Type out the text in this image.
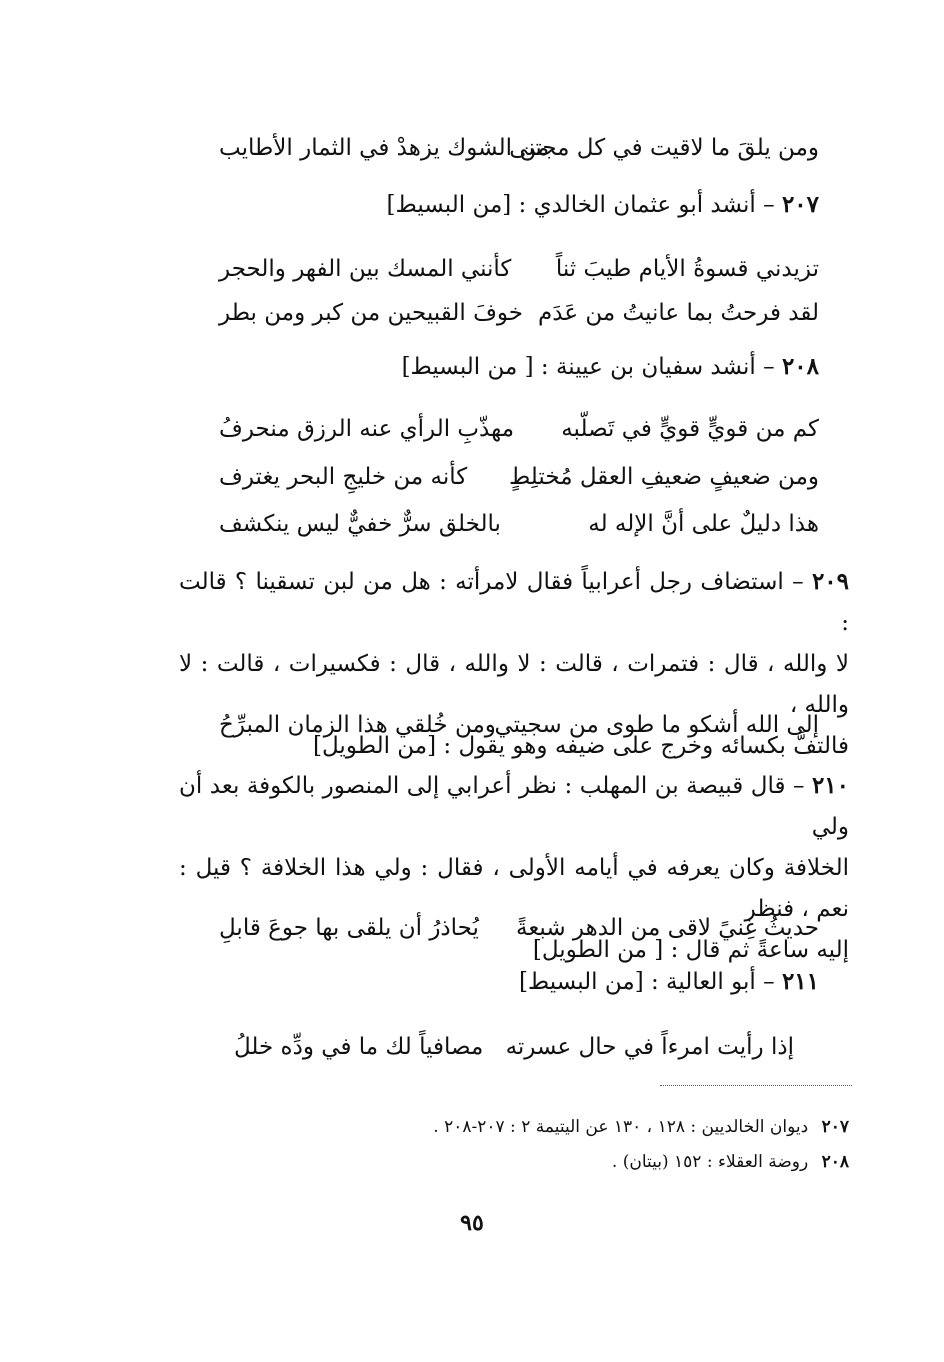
ومن يلقَ ما لاقيت في كل مجتنى
من الشوك يزهدْ في الثمار الأطايب
٢٠٧ – أنشد أبو عثمان الخالدي : [من البسيط]
تزيدني قسوةُ الأيام طيبَ ثناً
كأنني المسك بين الفهر والحجر
لقد فرحتُ بما عانيتُ من عَدَم
خوفَ القبيحين من كبر ومن بطر
٢٠٨ – أنشد سفيان بن عيينة : [ من البسيط]
كم من قويٍّ قويٍّ في تَصلّبه
مهذّبِ الرأي عنه الرزق منحرفُ
ومن ضعيفٍ ضعيفِ العقل مُختلِطٍ
كأنه من خليجِ البحر يغترف
هذا دليلٌ على أنَّ الإله له
بالخلق سرٌّ خفيٌّ ليس ينكشف

٢٠٩ – استضاف رجل أعرابياً فقال لامرأته : هل من لبن تسقينا ؟ قالت :

لا والله ، قال : فتمرات ، قالت : لا والله ، قال : فكسيرات ، قالت : لا والله ،

فالتفَّ بكسائه وخرج على ضيفه وهو يقول : [من الطويل]

إلى الله أشكو ما طوى من سجيتي
ومن خُلقي هذا الزمان المبرِّحُ

٢١٠ – قال قبيصة بن المهلب : نظر أعرابي إلى المنصور بالكوفة بعد أن ولي

الخلافة وكان يعرفه في أيامه الأولى ، فقال : ولي هذا الخلافة ؟ قيل : نعم ، فنظر

إليه ساعةً ثم قال : [ من الطويل]

حديثُ غِنيً لاقى من الدهر شبعةً
يُحاذرُ أن يلقى بها جوعَ قابلِ
٢١١ – أبو العالية : [من البسيط]
إذا رأيت امرءاً في حال عسرته
مصافياً لك ما في ودِّه خللُ
٢٠٧ ديوان الخالديين : ١٢٨ ، ١٣٠ عن اليتيمة ٢ : ٢٠٧-٢٠٨ .
٢٠٨ روضة العقلاء : ١٥٢ (بيتان) .
٩٥
